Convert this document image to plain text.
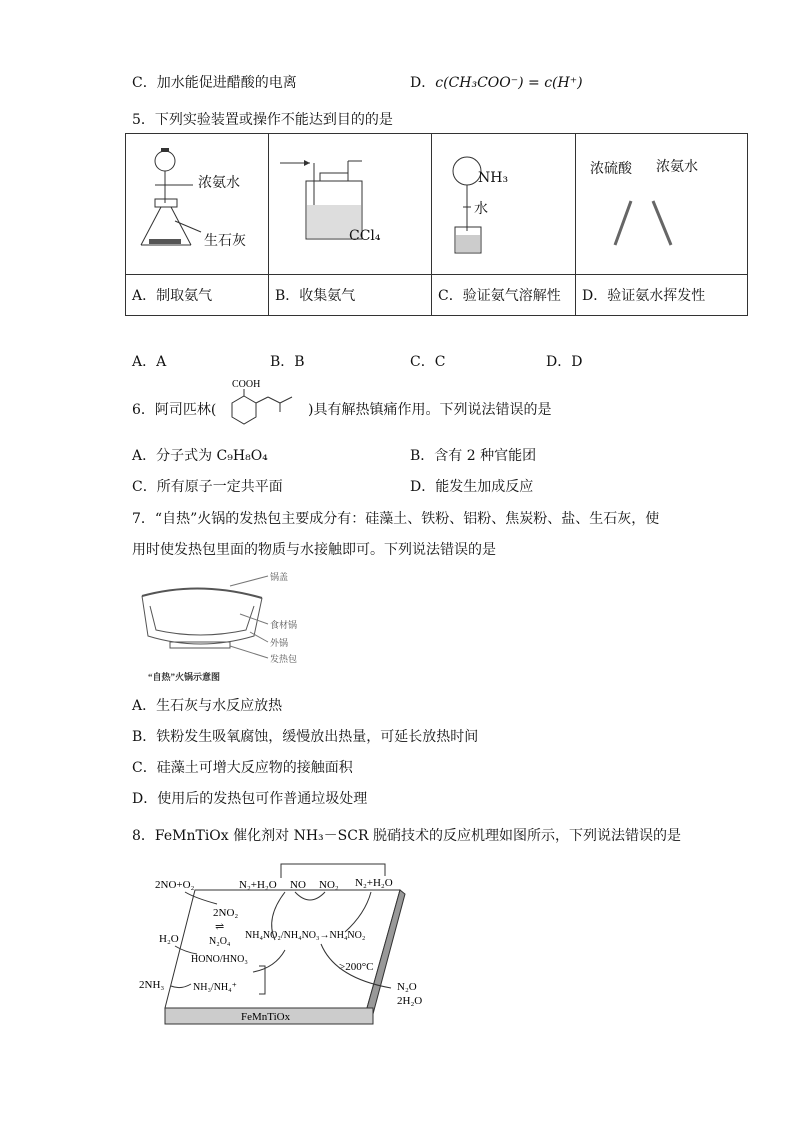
C．加水能促进醋酸的电离	D．c(CH₃COO⁻) = c(H⁺)
5．下列实验装置或操作不能达到目的的是
浓氨水
生石灰	CCl₄	NH₃
水	浓硫酸 浓氨水

A．制取氨气	B．收集氨气	C．验证氨气溶解性	D．验证氨水挥发性
A．A	B．B	C．C	D．D
6．阿司匹林(
COOH
)具有解热镇痛作用。下列说法错误的是
A．分子式为 C₉H₈O₄	B．含有 2 种官能团
C．所有原子一定共平面	D．能发生加成反应
7．“自热”火锅的发热包主要成分有：硅藻土、铁粉、铝粉、焦炭粉、盐、生石灰，使
用时使发热包里面的物质与水接触即可。下列说法错误的是
锅盖
食材锅
外锅
发热包
“自热”火锅示意图
A．生石灰与水反应放热
B．铁粉发生吸氧腐蚀，缓慢放出热量，可延长放热时间
C．硅藻土可增大反应物的接触面积
D．使用后的发热包可作普通垃圾处理
8．FeMnTiOx 催化剂对 NH₃－SCR 脱硝技术的反应机理如图所示，下列说法错误的是
FeMnTiOx
2NO+O₂	N₂+H₂O NO NO₂ N₂+H₂O
2NO₂
⇌
N₂O₄
H₂O	NH₄NO₂/NH₄NO₃→NH₄NO₂
HONO/HNO₃
>200°C
2NH₃	NH₃/NH₄⁺	N₂O
2H₂O
